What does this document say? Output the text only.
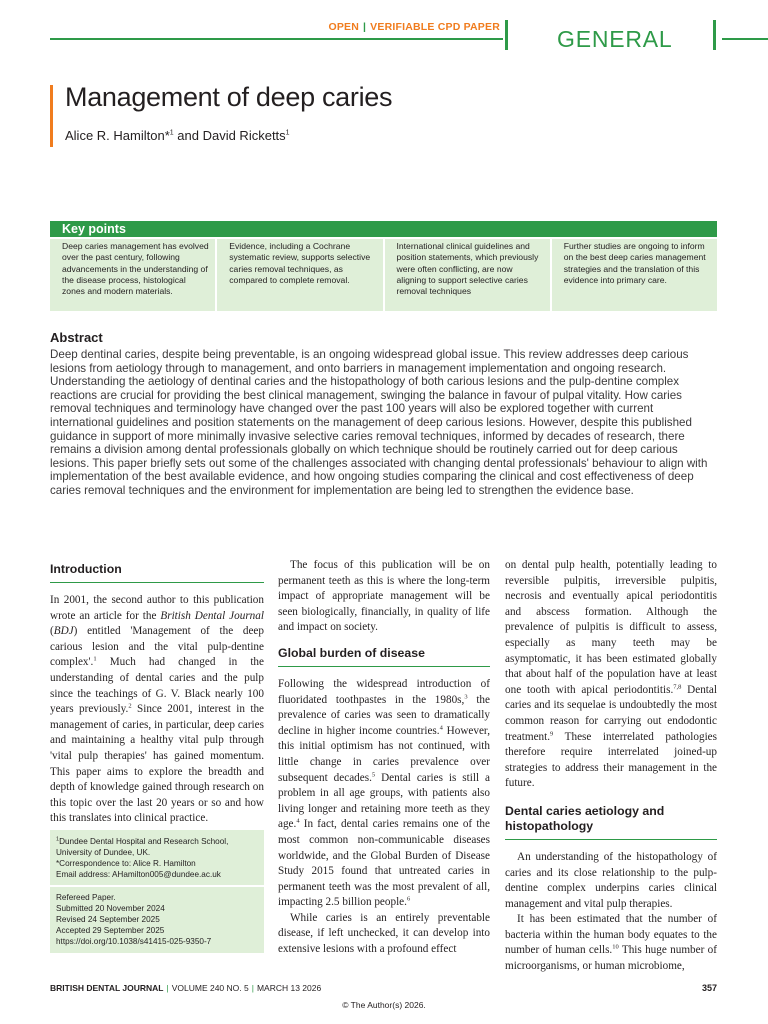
OPEN | VERIFIABLE CPD PAPER GENERAL
Management of deep caries
Alice R. Hamilton*$^1$ and David Ricketts$^1$
Key points
Deep caries management has evolved over the past century, following advancements in the understanding of the disease process, histological zones and modern materials.
Evidence, including a Cochrane systematic review, supports selective caries removal techniques, as compared to complete removal.
International clinical guidelines and position statements, which previously were often conflicting, are now aligning to support selective caries removal techniques
Further studies are ongoing to inform on the best deep caries management strategies and the translation of this evidence into primary care.
Abstract
Deep dentinal caries, despite being preventable, is an ongoing widespread global issue. This review addresses deep carious lesions from aetiology through to management, and onto barriers in management implementation and ongoing research. Understanding the aetiology of dentinal caries and the histopathology of both carious lesions and the pulp-dentine complex reactions are crucial for providing the best clinical management, swinging the balance in favour of pulpal vitality. How caries removal techniques and terminology have changed over the past 100 years will also be explored together with current international guidelines and position statements on the management of deep carious lesions. However, despite this published guidance in support of more minimally invasive selective caries removal techniques, informed by decades of research, there remains a division among dental professionals globally on which technique should be routinely carried out for deep carious lesions. This paper briefly sets out some of the challenges associated with changing dental professionals' behaviour to align with implementation of the best available evidence, and how ongoing studies comparing the clinical and cost effectiveness of deep caries removal techniques and the environment for implementation are being led to strengthen the evidence base.
Introduction

In 2001, the second author to this publication wrote an article for the British Dental Journal (BDJ) entitled 'Management of the deep carious lesion and the vital pulp-dentine complex'.$^1$ Much had changed in the understanding of dental caries and the pulp since the teachings of G. V. Black nearly 100 years previously.$^2$ Since 2001, interest in the management of caries, in particular, deep caries and maintaining a healthy vital pulp through 'vital pulp therapies' has gained momentum. This paper aims to explore the breadth and depth of knowledge gained through research on this topic over the last 20 years or so and how this translates into clinical practice.

$^1$Dundee Dental Hospital and Research School, University of Dundee, UK.
*Correspondence to: Alice R. Hamilton
Email address: AHamilton005@dundee.ac.uk
Refereed Paper.
Submitted 20 November 2024
Revised 24 September 2025
Accepted 29 September 2025
https://doi.org/10.1038/s41415-025-9350-7

The focus of this publication will be on permanent teeth as this is where the long-term impact of appropriate management will be seen biologically, financially, in quality of life and impact on society.

Global burden of disease

Following the widespread introduction of fluoridated toothpastes in the 1980s,$^3$ the prevalence of caries was seen to dramatically decline in higher income countries.$^4$ However, this initial optimism has not continued, with little change in caries prevalence over subsequent decades.$^5$ Dental caries is still a problem in all age groups, with patients also living longer and retaining more teeth as they age.$^4$ In fact, dental caries remains one of the most common non-communicable diseases worldwide, and the Global Burden of Disease Study 2015 found that untreated caries in permanent teeth was the most prevalent of all, impacting 2.5 billion people.$^6$

While caries is an entirely preventable disease, if left unchecked, it can develop into extensive lesions with a profound effect

on dental pulp health, potentially leading to reversible pulpitis, irreversible pulpitis, necrosis and eventually apical periodontitis and abscess formation. Although the prevalence of pulpitis is difficult to assess, especially as many teeth may be asymptomatic, it has been estimated globally that about half of the population have at least one tooth with apical periodontitis.$^{7,8}$ Dental caries and its sequelae is undoubtedly the most common reason for carrying out endodontic treatment.$^9$ These interrelated pathologies therefore require interrelated joined-up strategies to address their management in the future.

Dental caries aetiology and histopathology

An understanding of the histopathology of caries and its close relationship to the pulp-dentine complex underpins caries clinical management and vital pulp therapies.

It has been estimated that the number of bacteria within the human body equates to the number of human cells.$^{10}$ This huge number of microorganisms, or human microbiome,

BRITISH DENTAL JOURNAL | VOLUME 240 NO. 5 | MARCH 13 2026	357
© The Author(s) 2026.
